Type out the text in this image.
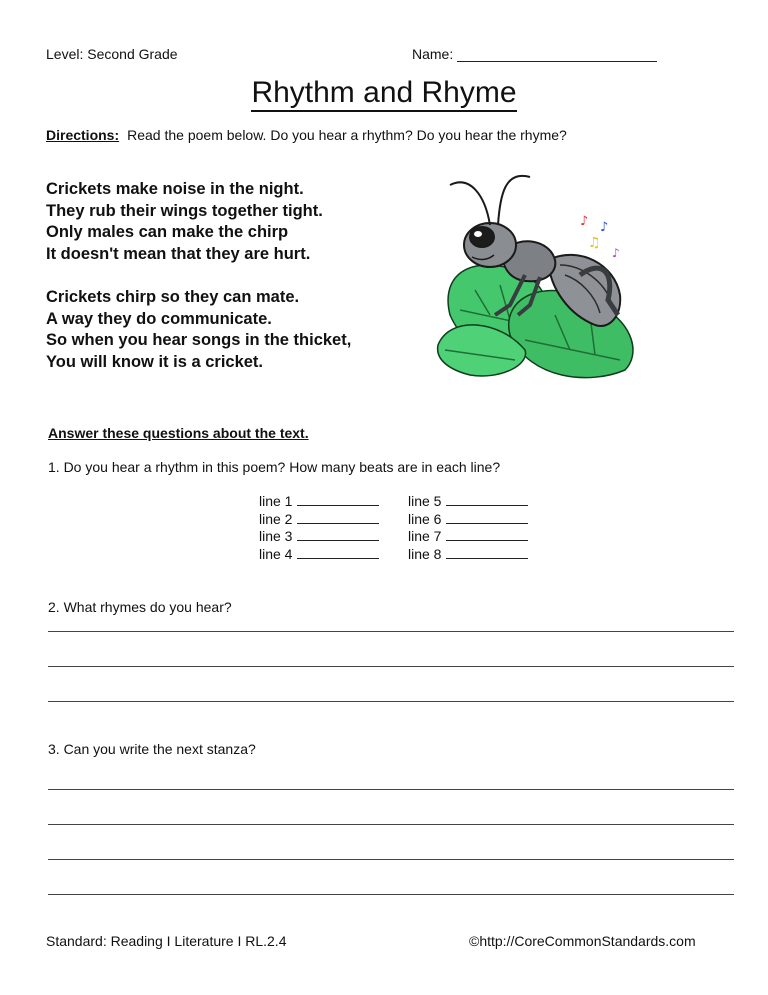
Level: Second Grade	Name:
Rhythm and Rhyme
Directions: Read the poem below. Do you hear a rhythm? Do you hear the rhyme?
Crickets make noise in the night.
They rub their wings together tight.
Only males can make the chirp
It doesn't mean that they are hurt.
Crickets chirp so they can mate.
A way they do communicate.
So when you hear songs in the thicket,
You will know it is a cricket.
♪ ♪
♫
♪
Answer these questions about the text.
1. Do you hear a rhythm in this poem? How many beats are in each line?
line 1
line 2
line 3
line 4
line 5
line 6
line 7
line 8
2. What rhymes do you hear?
3. Can you write the next stanza?
Standard: Reading I Literature I RL.2.4	©http://CoreCommonStandards.com
